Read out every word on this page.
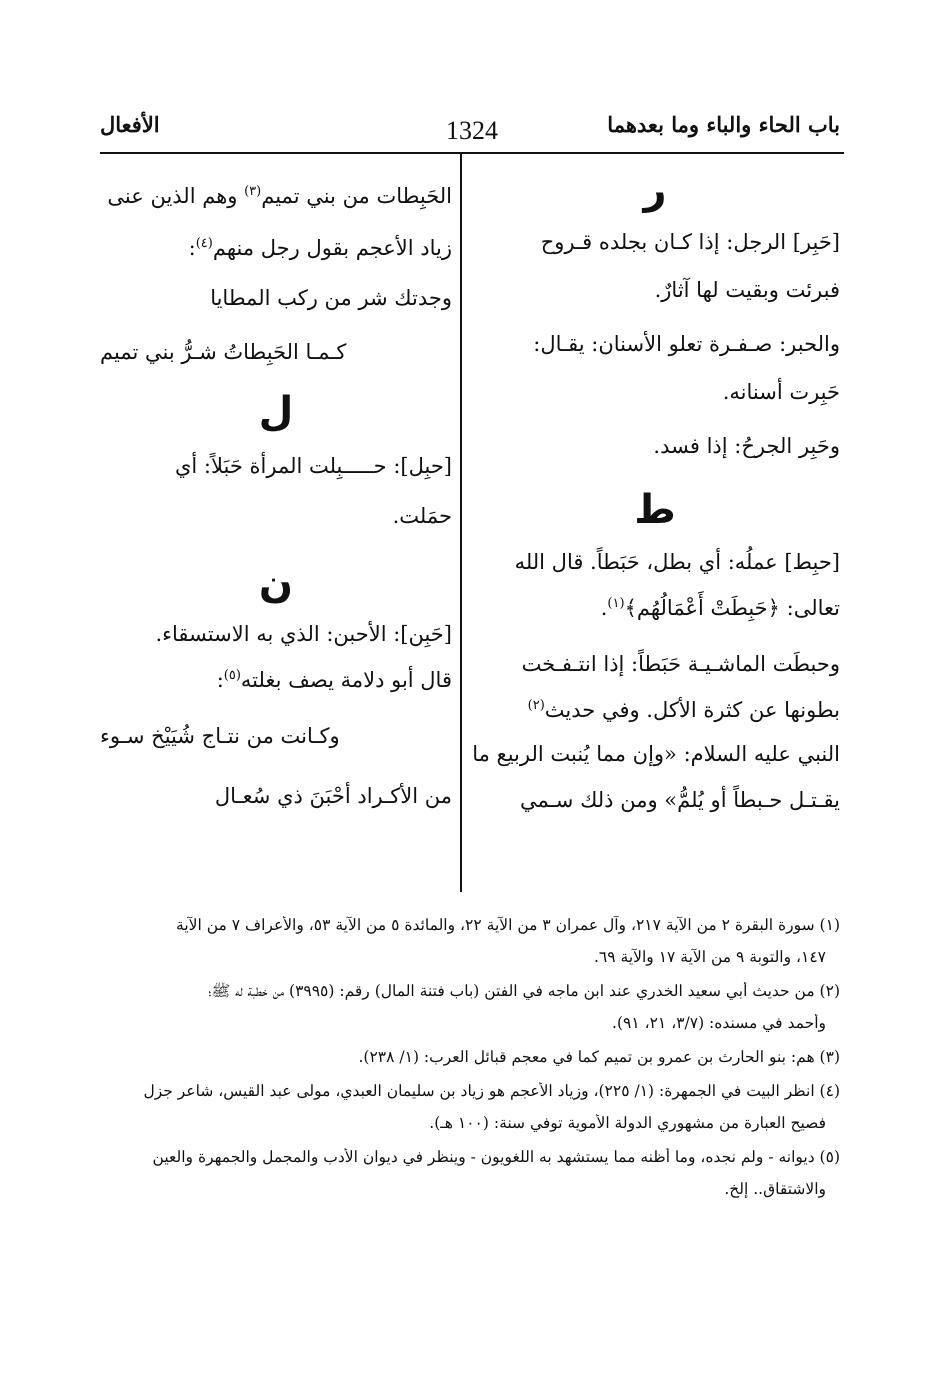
باب الحاء والباء وما بعدهما
1324
الأفعال
ر
[حَبِر] الرجل: إذا كـان بجلده قـروح
فبرئت وبقيت لها آثارٌ.
والحبر: صـفـرة تعلو الأسنان: يقـال:
حَبِرت أسنانه.
وحَبِر الجرحُ: إذا فسد.
ط
[حبِط] عملُه: أي بطل، حَبَطاً. قال الله
تعالى: ﴿حَبِطَتْ أَعْمَالُهُم﴾$^{(١)}$.
وحبطَت الماشـيـة حَبَطاً: إذا انتـفـخت
بطونها عن كثرة الأكل. وفي حديث$^{(٢)}$
النبي عليه السلام: «وإن مما يُنبت الربيع ما
يقـتـل حـبطاً أو يُلمُّ» ومن ذلك سـمي
الحَبِطات من بني تميم$^{(٣)}$ وهم الذين عنى
زياد الأعجم بقول رجل منهم$^{(٤)}$:
وجدتك شر من ركب المطايا
كـمـا الحَبِطاتُ شـرُّ بني تميم
ل
[حبِل]: حـــــبِلت المرأة حَبَلاً: أي
حمَلت.
ن
[حَبِن]: الأحبن: الذي به الاستسقاء.
قال أبو دلامة يصف بغلته$^{(٥)}$:
وكـانت من نتـاج شُيَيْخ سـوء
من الأكـراد أحْبَنَ ذي سُعـال
(١) سورة البقرة ٢ من الآية ٢١٧، وآل عمران ٣ من الآية ٢٢، والمائدة ٥ من الآية ٥٣، والأعراف ٧ من الآية
١٤٧، والتوبة ٩ من الآية ١٧ والآية ٦٩.
(٢) من حديث أبي سعيد الخدري عند ابن ماجه في الفتن (باب فتنة المال) رقم: (٣٩٩٥) من خطبة له ﷺ؛
وأحمد في مسنده: (٣/٧، ٢١، ٩١).
(٣) هم: بنو الحارث بن عمرو بن تميم كما في معجم قبائل العرب: (١/ ٢٣٨).
(٤) انظر البيت في الجمهرة: (١/ ٢٢٥)، وزياد الأعجم هو زياد بن سليمان العبدي، مولى عبد القيس، شاعر جزل
فصيح العبارة من مشهوري الدولة الأموية توفي سنة: (١٠٠ هـ).
(٥) ديوانه - ولم نجده، وما أظنه مما يستشهد به اللغويون - وينظر في ديوان الأدب والمجمل والجمهرة والعين
والاشتقاق.. إلخ.
